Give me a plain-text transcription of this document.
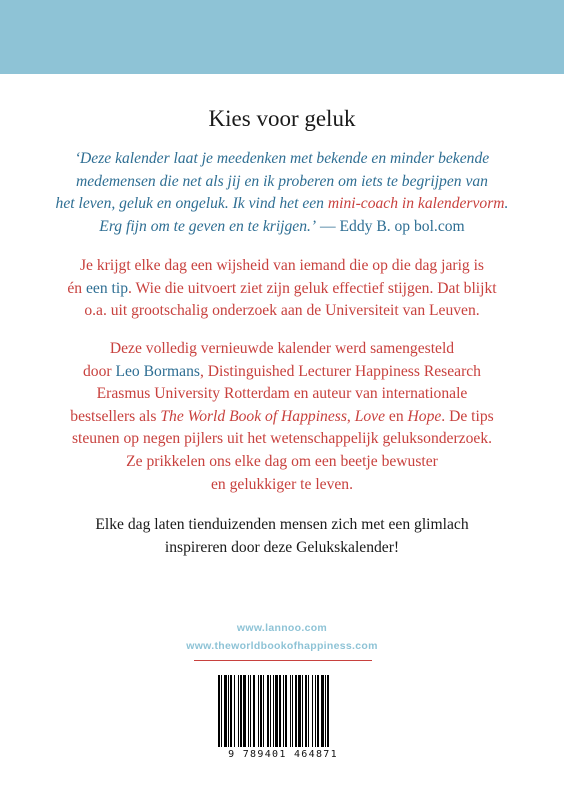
Kies voor geluk
‘Deze kalender laat je meedenken met bekende en minder bekende
medemensen die net als jij en ik proberen om iets te begrijpen van
het leven, geluk en ongeluk. Ik vind het een mini-coach in kalendervorm.
Erg fijn om te geven en te krijgen.’ — Eddy B. op bol.com
Je krijgt elke dag een wijsheid van iemand die op die dag jarig is
én een tip. Wie die uitvoert ziet zijn geluk effectief stijgen. Dat blijkt
o.a. uit grootschalig onderzoek aan de Universiteit van Leuven.
Deze volledig vernieuwde kalender werd samengesteld
door Leo Bormans, Distinguished Lecturer Happiness Research
Erasmus University Rotterdam en auteur van internationale
bestsellers als The World Book of Happiness, Love en Hope. De tips
steunen op negen pijlers uit het wetenschappelijk geluksonderzoek.
Ze prikkelen ons elke dag om een beetje bewuster
en gelukkiger te leven.
Elke dag laten tienduizenden mensen zich met een glimlach
inspireren door deze Gelukskalender!
www.lannoo.com
www.theworldbookofhappiness.com
9 789401 464871
